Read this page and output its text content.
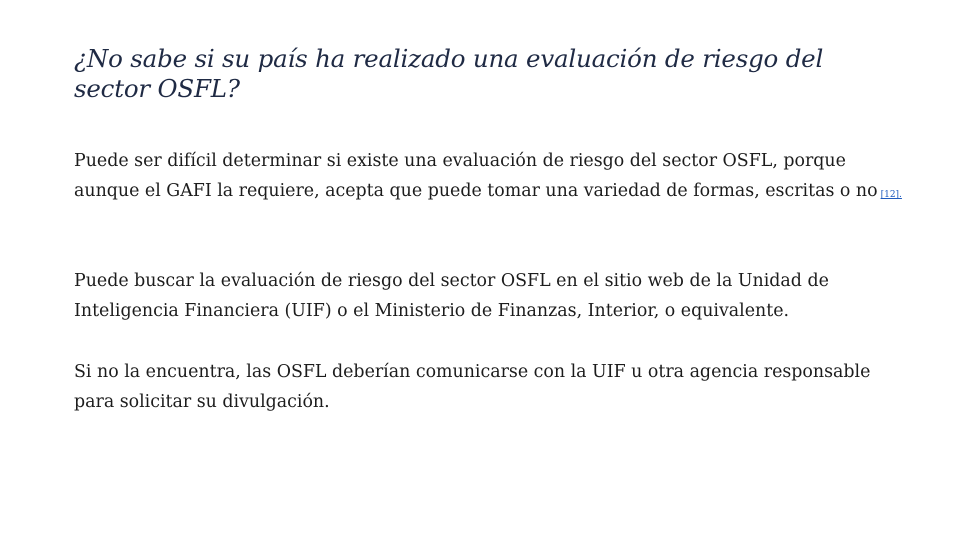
¿No sabe si su país ha realizado una evaluación de riesgo del sector OSFL?

Puede ser difícil determinar si existe una evaluación de riesgo del sector OSFL, porque aunque el GAFI la requiere, acepta que puede tomar una variedad de formas, escritas o no [12].

Puede buscar la evaluación de riesgo del sector OSFL en el sitio web de la Unidad de Inteligencia Financiera (UIF) o el Ministerio de Finanzas, Interior, o equivalente.

Si no la encuentra, las OSFL deberían comunicarse con la UIF u otra agencia responsable para solicitar su divulgación.
